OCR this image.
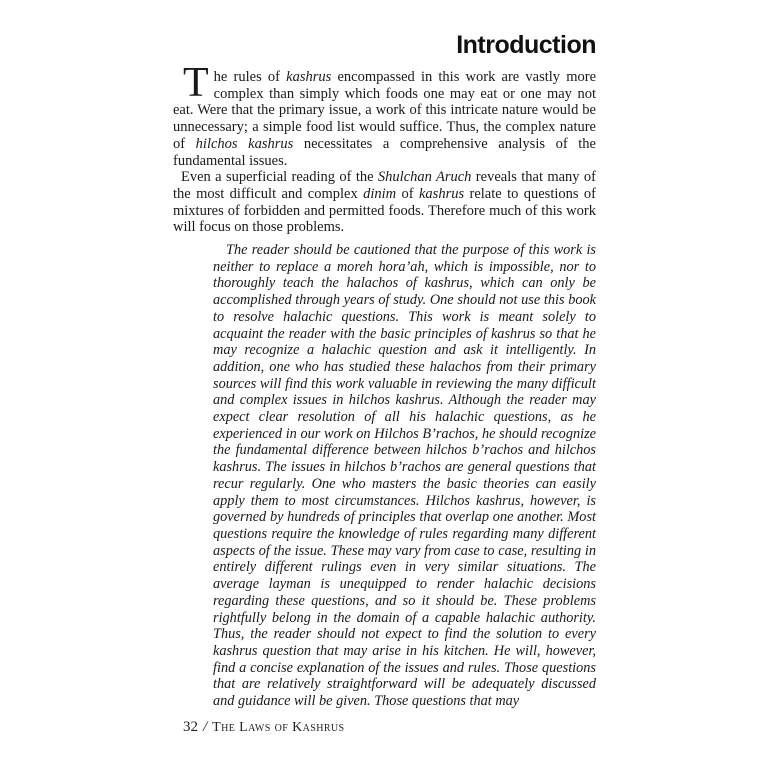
Introduction

The rules of kashrus encompassed in this work are vastly more complex than simply which foods one may eat or one may not eat. Were that the primary issue, a work of this intricate nature would be unnecessary; a simple food list would suffice. Thus, the complex nature of hilchos kashrus necessitates a comprehensive analysis of the fundamental issues.

Even a superficial reading of the Shulchan Aruch reveals that many of the most difficult and complex dinim of kashrus relate to questions of mixtures of forbidden and permitted foods. Therefore much of this work will focus on those problems.

The reader should be cautioned that the purpose of this work is neither to replace a moreh hora’ah, which is impossible, nor to thoroughly teach the halachos of kashrus, which can only be accomplished through years of study. One should not use this book to resolve halachic questions. This work is meant solely to acquaint the reader with the basic principles of kashrus so that he may recognize a halachic question and ask it intelligently. In addition, one who has studied these halachos from their primary sources will find this work valuable in reviewing the many difficult and complex issues in hilchos kashrus. Although the reader may expect clear resolution of all his halachic questions, as he experienced in our work on Hilchos B’rachos, he should recognize the fundamental difference between hilchos b’rachos and hilchos kashrus. The issues in hilchos b’rachos are general questions that recur regularly. One who masters the basic theories can easily apply them to most circumstances. Hilchos kashrus, however, is governed by hundreds of principles that overlap one another. Most questions require the knowledge of rules regarding many different aspects of the issue. These may vary from case to case, resulting in entirely different rulings even in very similar situations. The average layman is unequipped to render halachic decisions regarding these questions, and so it should be. These problems rightfully belong in the domain of a capable halachic authority. Thus, the reader should not expect to find the solution to every kashrus question that may arise in his kitchen. He will, however, find a concise explanation of the issues and rules. Those questions that are relatively straightforward will be adequately discussed and guidance will be given. Those questions that may
32 / The Laws of Kashrus
